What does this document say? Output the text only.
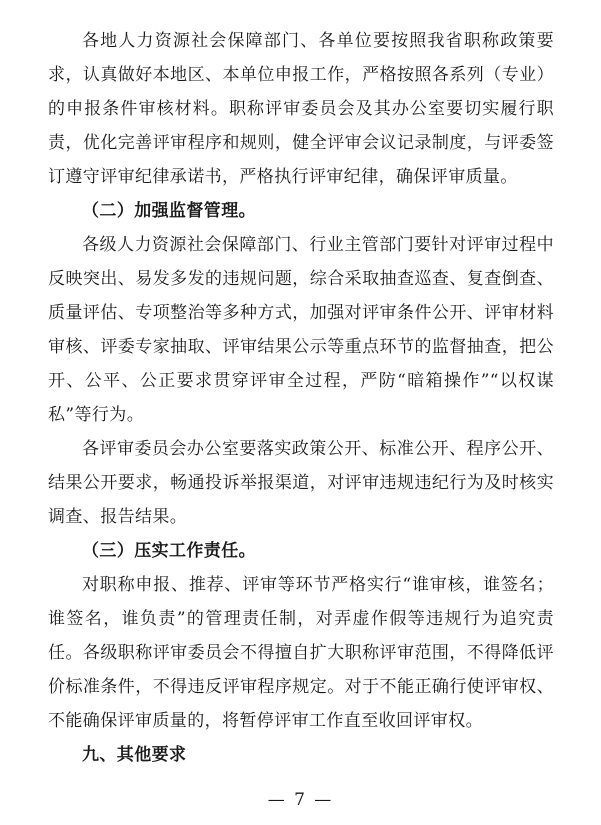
各地人力资源社会保障部门、各单位要按照我省职称政策要求，认真做好本地区、本单位申报工作，严格按照各系列（专业）的申报条件审核材料。职称评审委员会及其办公室要切实履行职责，优化完善评审程序和规则，健全评审会议记录制度，与评委签订遵守评审纪律承诺书，严格执行评审纪律，确保评审质量。

（二）加强监督管理。

各级人力资源社会保障部门、行业主管部门要针对评审过程中反映突出、易发多发的违规问题，综合采取抽查巡查、复查倒查、质量评估、专项整治等多种方式，加强对评审条件公开、评审材料审核、评委专家抽取、评审结果公示等重点环节的监督抽查，把公开、公平、公正要求贯穿评审全过程，严防“暗箱操作”“以权谋私”等行为。

各评审委员会办公室要落实政策公开、标准公开、程序公开、结果公开要求，畅通投诉举报渠道，对评审违规违纪行为及时核实调查、报告结果。

（三）压实工作责任。

对职称申报、推荐、评审等环节严格实行“谁审核，谁签名；谁签名，谁负责”的管理责任制，对弄虚作假等违规行为追究责任。各级职称评审委员会不得擅自扩大职称评审范围，不得降低评价标准条件，不得违反评审程序规定。对于不能正确行使评审权、不能确保评审质量的，将暂停评审工作直至收回评审权。

九、其他要求

— 7 —
